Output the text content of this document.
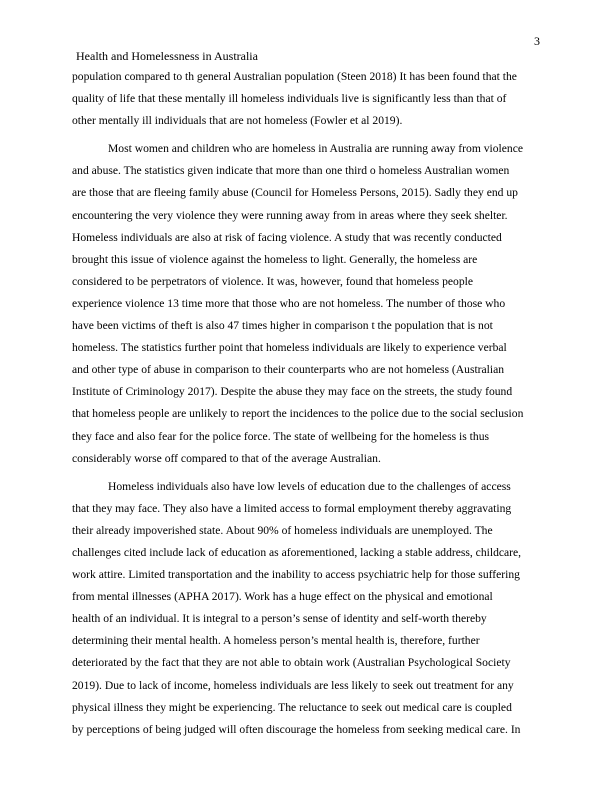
3
Health and Homelessness in Australia

population compared to th general Australian population (Steen 2018) It has been found that the
quality of life that these mentally ill homeless individuals live is significantly less than that of
other mentally ill individuals that are not homeless (Fowler et al 2019).

Most women and children who are homeless in Australia are running away from violence
and abuse. The statistics given indicate that more than one third o homeless Australian women
are those that are fleeing family abuse (Council for Homeless Persons, 2015). Sadly they end up
encountering the very violence they were running away from in areas where they seek shelter.
Homeless individuals are also at risk of facing violence. A study that was recently conducted
brought this issue of violence against the homeless to light. Generally, the homeless are
considered to be perpetrators of violence. It was, however, found that homeless people
experience violence 13 time more that those who are not homeless. The number of those who
have been victims of theft is also 47 times higher in comparison t the population that is not
homeless. The statistics further point that homeless individuals are likely to experience verbal
and other type of abuse in comparison to their counterparts who are not homeless (Australian
Institute of Criminology 2017). Despite the abuse they may face on the streets, the study found
that homeless people are unlikely to report the incidences to the police due to the social seclusion
they face and also fear for the police force. The state of wellbeing for the homeless is thus
considerably worse off compared to that of the average Australian.

Homeless individuals also have low levels of education due to the challenges of access
that they may face. They also have a limited access to formal employment thereby aggravating
their already impoverished state. About 90% of homeless individuals are unemployed. The
challenges cited include lack of education as aforementioned, lacking a stable address, childcare,
work attire. Limited transportation and the inability to access psychiatric help for those suffering
from mental illnesses (APHA 2017). Work has a huge effect on the physical and emotional
health of an individual. It is integral to a person’s sense of identity and self-worth thereby
determining their mental health. A homeless person’s mental health is, therefore, further
deteriorated by the fact that they are not able to obtain work (Australian Psychological Society
2019). Due to lack of income, homeless individuals are less likely to seek out treatment for any
physical illness they might be experiencing. The reluctance to seek out medical care is coupled
by perceptions of being judged will often discourage the homeless from seeking medical care. In
